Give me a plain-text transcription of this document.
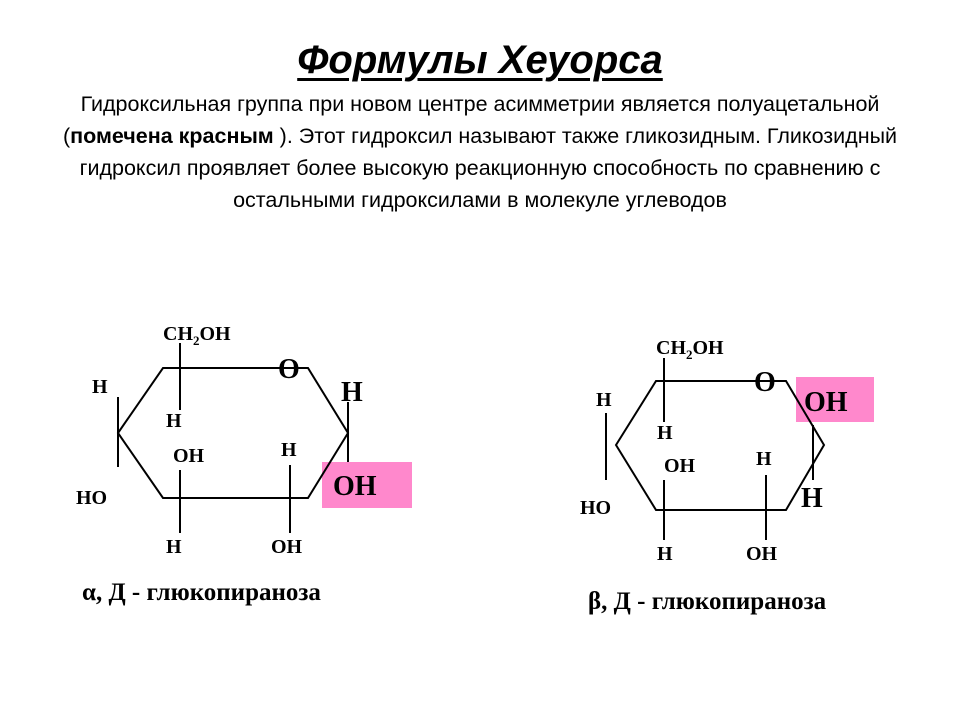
Формулы Хеуорса
Гидроксильная группа при новом центре асимметрии является полуацетальной (помечена красным ). Этот гидроксил называют также гликозидным. Гликозидный гидроксил проявляет более высокую реакционную способность по сравнению с остальными гидроксилами в молекуле углеводов
$CH_2OH$
O
H
OH
H
H
HO
OH
H
H
OH
α, Д - глюкопираноза
$CH_2OH$
O
OH
H
H
H
HO
OH
H
H
OH
β, Д - глюкопираноза
